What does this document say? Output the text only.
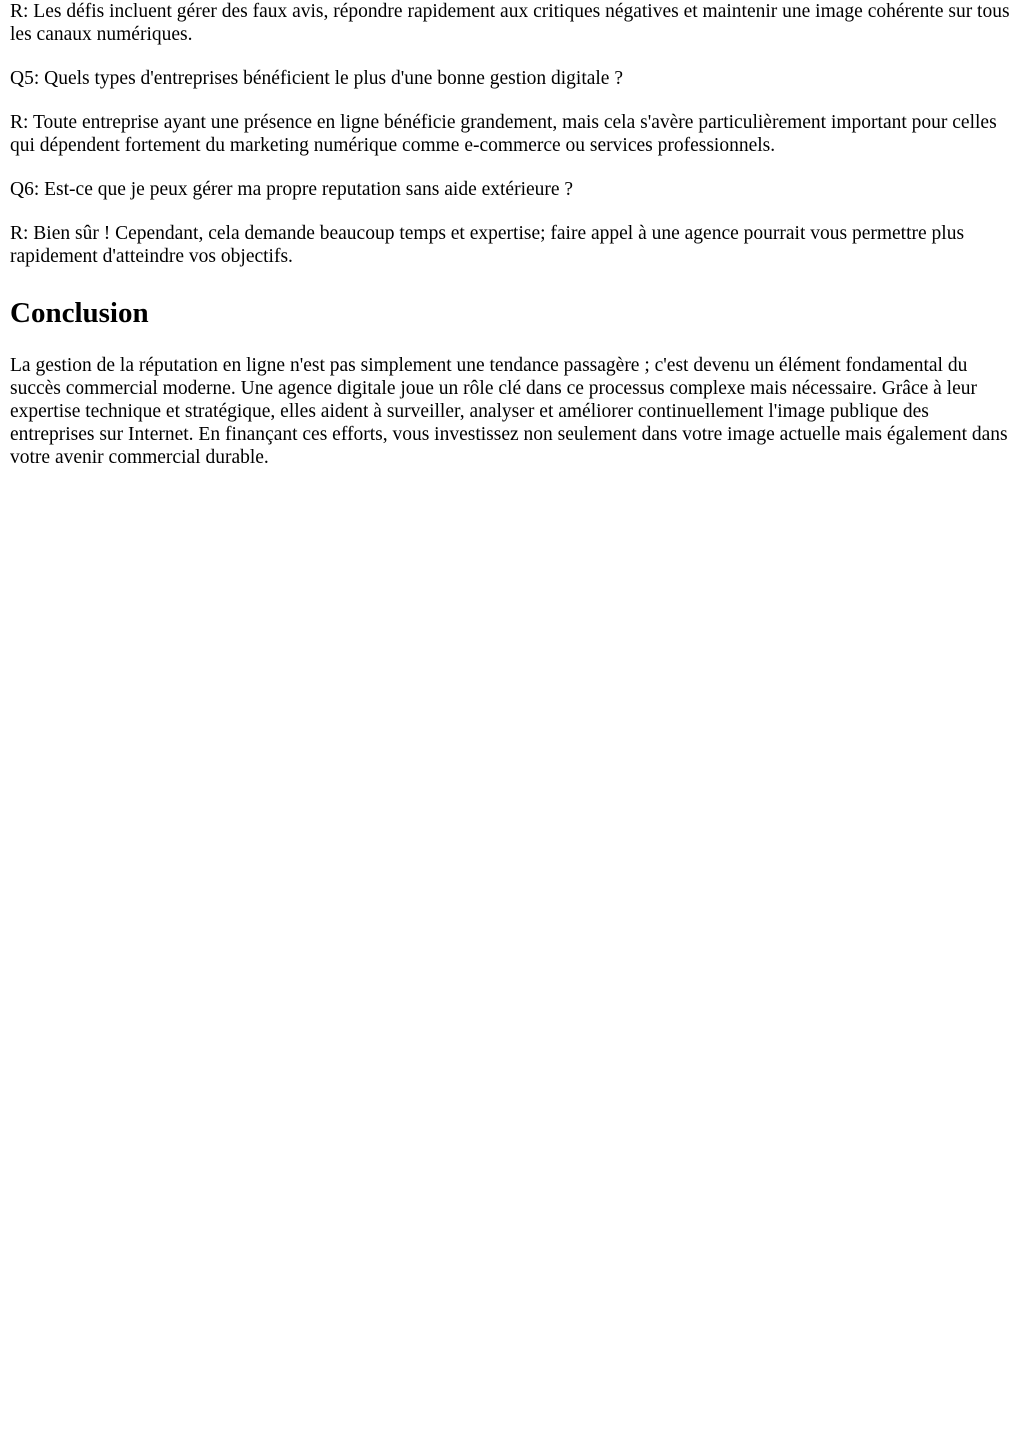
R: Les défis incluent gérer des faux avis, répondre rapidement aux critiques négatives et maintenir une image cohérente sur tous les canaux numériques.

Q5: Quels types d'entreprises bénéficient le plus d'une bonne gestion digitale ?

R: Toute entreprise ayant une présence en ligne bénéficie grandement, mais cela s'avère particulièrement important pour celles qui dépendent fortement du marketing numérique comme e-commerce ou services professionnels.

Q6: Est-ce que je peux gérer ma propre reputation sans aide extérieure ?

R: Bien sûr ! Cependant, cela demande beaucoup temps et expertise; faire appel à une agence pourrait vous permettre plus rapidement d'atteindre vos objectifs.

Conclusion

La gestion de la réputation en ligne n'est pas simplement une tendance passagère ; c'est devenu un élément fondamental du succès commercial moderne. Une agence digitale joue un rôle clé dans ce processus complexe mais nécessaire. Grâce à leur expertise technique et stratégique, elles aident à surveiller, analyser et améliorer continuellement l'image publique des entreprises sur Internet. En finançant ces efforts, vous investissez non seulement dans votre image actuelle mais également dans votre avenir commercial durable.
